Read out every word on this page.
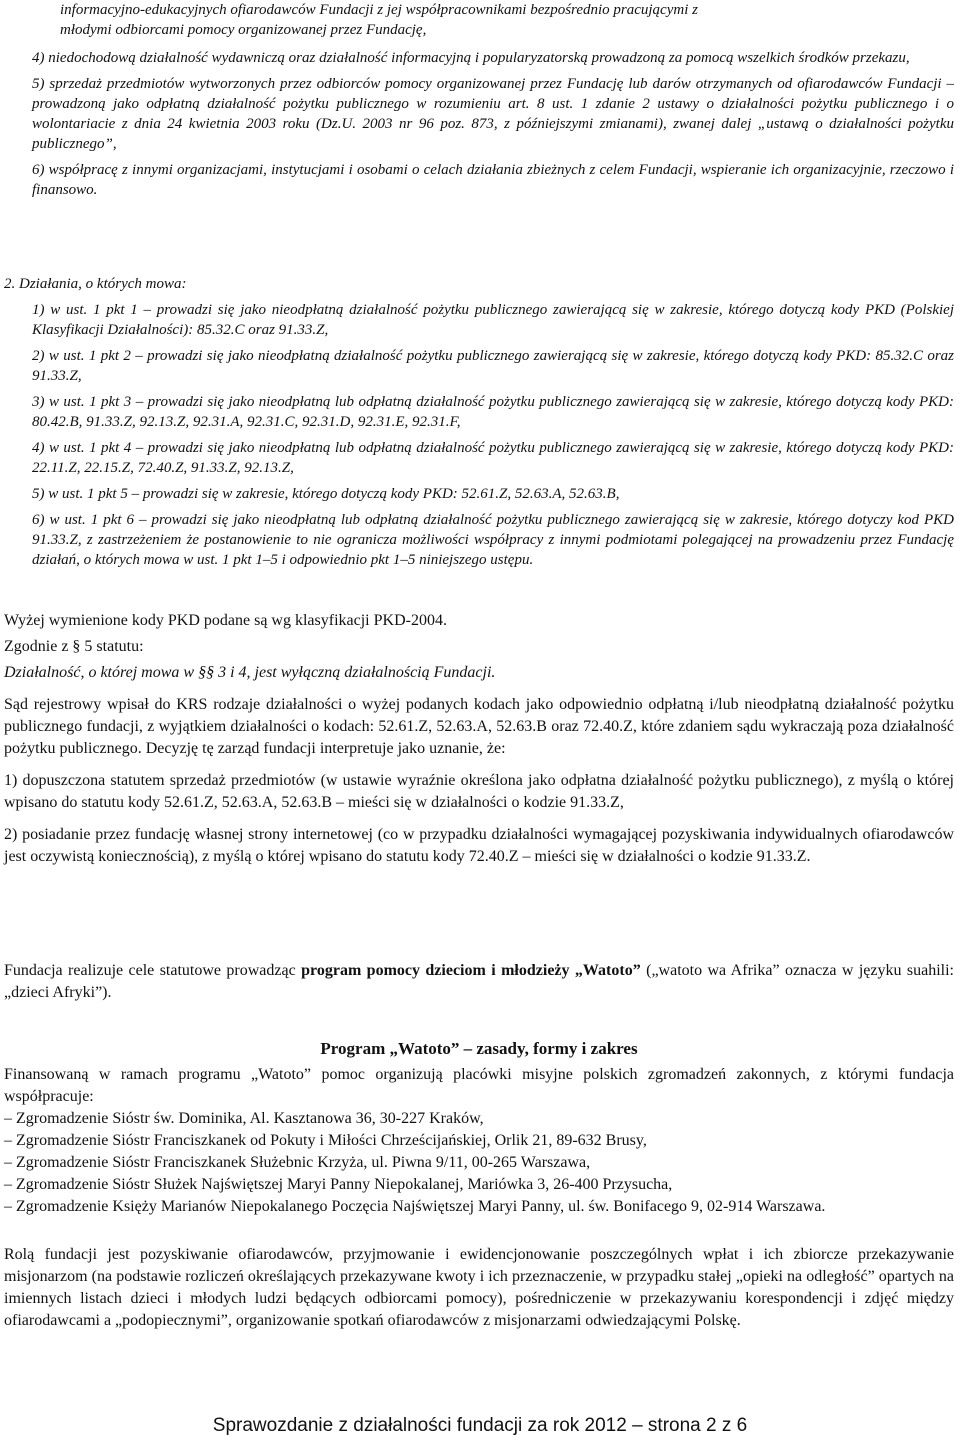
informacyjno-edukacyjnych ofiarodawców Fundacji z jej współpracownikami bezpośrednio pracującymi z

młodymi odbiorcami pomocy organizowanej przez Fundację,

4) niedochodową działalność wydawniczą oraz działalność informacyjną i popularyzatorską prowadzoną za pomocą wszelkich środków przekazu,

5) sprzedaż przedmiotów wytworzonych przez odbiorców pomocy organizowanej przez Fundację lub darów otrzymanych od ofiarodawców Fundacji – prowadzoną jako odpłatną działalność pożytku publicznego w rozumieniu art. 8 ust. 1 zdanie 2 ustawy o działalności pożytku publicznego i o wolontariacie z dnia 24 kwietnia 2003 roku (Dz.U. 2003 nr 96 poz. 873, z późniejszymi zmianami), zwanej dalej „ustawą o działalności pożytku publicznego”,

6) współpracę z innymi organizacjami, instytucjami i osobami o celach działania zbieżnych z celem Fundacji, wspieranie ich organizacyjnie, rzeczowo i finansowo.

2. Działania, o których mowa:

1) w ust. 1 pkt 1 – prowadzi się jako nieodpłatną działalność pożytku publicznego zawierającą się w zakresie, którego dotyczą kody PKD (Polskiej Klasyfikacji Działalności): 85.32.C oraz 91.33.Z,

2) w ust. 1 pkt 2 – prowadzi się jako nieodpłatną działalność pożytku publicznego zawierającą się w zakresie, którego dotyczą kody PKD: 85.32.C oraz 91.33.Z,

3) w ust. 1 pkt 3 – prowadzi się jako nieodpłatną lub odpłatną działalność pożytku publicznego zawierającą się w zakresie, którego dotyczą kody PKD: 80.42.B, 91.33.Z, 92.13.Z, 92.31.A, 92.31.C, 92.31.D, 92.31.E, 92.31.F,

4) w ust. 1 pkt 4 – prowadzi się jako nieodpłatną lub odpłatną działalność pożytku publicznego zawierającą się w zakresie, którego dotyczą kody PKD: 22.11.Z, 22.15.Z, 72.40.Z, 91.33.Z, 92.13.Z,

5) w ust. 1 pkt 5 – prowadzi się w zakresie, którego dotyczą kody PKD: 52.61.Z, 52.63.A, 52.63.B,

6) w ust. 1 pkt 6 – prowadzi się jako nieodpłatną lub odpłatną działalność pożytku publicznego zawierającą się w zakresie, którego dotyczy kod PKD 91.33.Z, z zastrzeżeniem że postanowienie to nie ogranicza możliwości współpracy z innymi podmiotami polegającej na prowadzeniu przez Fundację działań, o których mowa w ust. 1 pkt 1–5 i odpowiednio pkt 1–5 niniejszego ustępu.

Wyżej wymienione kody PKD podane są wg klasyfikacji PKD-2004.

Zgodnie z § 5 statutu:

Działalność, o której mowa w §§ 3 i 4, jest wyłączną działalnością Fundacji.

Sąd rejestrowy wpisał do KRS rodzaje działalności o wyżej podanych kodach jako odpowiednio odpłatną i/lub nieodpłatną działalność pożytku publicznego fundacji, z wyjątkiem działalności o kodach: 52.61.Z, 52.63.A, 52.63.B oraz 72.40.Z, które zdaniem sądu wykraczają poza działalność pożytku publicznego. Decyzję tę zarząd fundacji interpretuje jako uznanie, że:

1) dopuszczona statutem sprzedaż przedmiotów (w ustawie wyraźnie określona jako odpłatna działalność pożytku publicznego), z myślą o której wpisano do statutu kody 52.61.Z, 52.63.A, 52.63.B – mieści się w działalności o kodzie 91.33.Z,

2) posiadanie przez fundację własnej strony internetowej (co w przypadku działalności wymagającej pozyskiwania indywidualnych ofiarodawców jest oczywistą koniecznością), z myślą o której wpisano do statutu kody 72.40.Z – mieści się w działalności o kodzie 91.33.Z.

Fundacja realizuje cele statutowe prowadząc program pomocy dzieciom i młodzieży „Watoto” („watoto wa Afrika” oznacza w języku suahili: „dzieci Afryki”).

Program „Watoto” – zasady, formy i zakres

Finansowaną w ramach programu „Watoto” pomoc organizują placówki misyjne polskich zgromadzeń zakonnych, z którymi fundacja współpracuje:

– Zgromadzenie Sióstr św. Dominika, Al. Kasztanowa 36, 30-227 Kraków,

– Zgromadzenie Sióstr Franciszkanek od Pokuty i Miłości Chrześcijańskiej, Orlik 21, 89-632 Brusy,

– Zgromadzenie Sióstr Franciszkanek Służebnic Krzyża, ul. Piwna 9/11, 00-265 Warszawa,

– Zgromadzenie Sióstr Służek Najświętszej Maryi Panny Niepokalanej, Mariówka 3, 26-400 Przysucha,

– Zgromadzenie Księży Marianów Niepokalanego Poczęcia Najświętszej Maryi Panny, ul. św. Bonifacego 9, 02-914 Warszawa.

Rolą fundacji jest pozyskiwanie ofiarodawców, przyjmowanie i ewidencjonowanie poszczególnych wpłat i ich zbiorcze przekazywanie misjonarzom (na podstawie rozliczeń określających przekazywane kwoty i ich przeznaczenie, w przypadku stałej „opieki na odległość” opartych na imiennych listach dzieci i młodych ludzi będących odbiorcami pomocy), pośredniczenie w przekazywaniu korespondencji i zdjęć między ofiarodawcami a „podopiecznymi”, organizowanie spotkań ofiarodawców z misjonarzami odwiedzającymi Polskę.

Sprawozdanie z działalności fundacji za rok 2012 – strona 2 z 6
